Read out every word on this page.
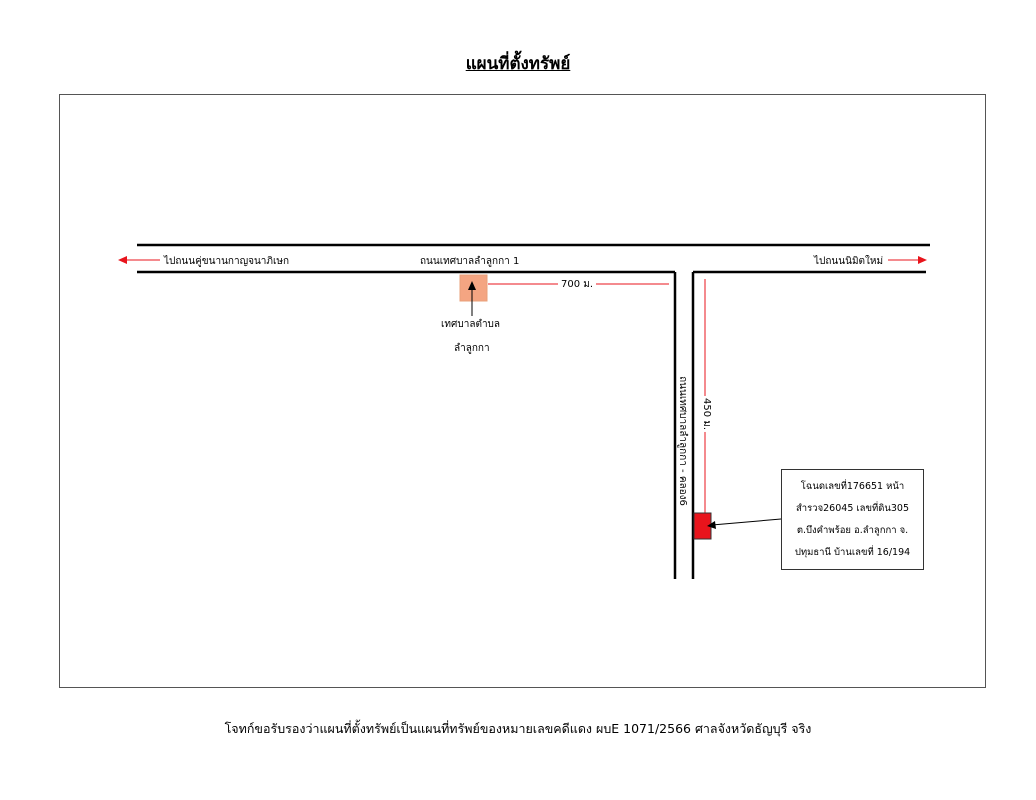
แผนที่ตั้งทรัพย์
ไปถนนคู่ขนานกาญจนาภิเษก	ถนนเทศบาลลำลูกกา 1	ไปถนนนิมิตใหม่
700 ม.
เทศบาลตำบล
ลำลูกกา
ถนนเทศบาลลำลูกกา - คลอง6 450 ม.
โฉนดเลขที่176651 หน้า
สำรวจ26045 เลขที่ดิน305
ต.บึงคำพร้อย อ.ลำลูกกา จ.
ปทุมธานี บ้านเลขที่ 16/194
โจทก์ขอรับรองว่าแผนที่ตั้งทรัพย์เป็นแผนที่ทรัพย์ของหมายเลขคดีแดง ผบE 1071/2566 ศาลจังหวัดธัญบุรี จริง
